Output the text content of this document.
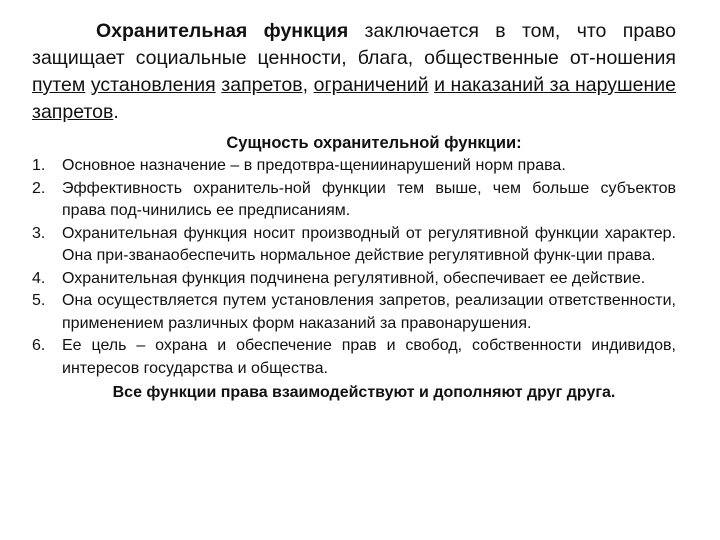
Охранительная функция заключается в том, что право защищает социальные ценности, блага, общественные от-ношения путем установления запретов, ограничений и наказаний за нарушение запретов.

Сущность охранительной функции:
1. Основное назначение – в предотвра-щениинарушений норм права.
2. Эффективность охранитель-ной функции тем выше, чем больше субъектов права под-чинились ее предписаниям.
3. Охранительная функция носит производный от регулятивной функции характер. Она при-званаобеспечить нормальное действие регулятивной функ-ции права.
4. Охранительная функция подчинена регулятивной, обеспечивает ее действие.
5. Она осуществляется путем установления запретов, реализации ответственности, применением различных форм наказаний за правонарушения.
6. Ее цель – охрана и обеспечение прав и свобод, собственности индивидов, интересов государства и общества.
Все функции права взаимодействуют и дополняют друг друга.
